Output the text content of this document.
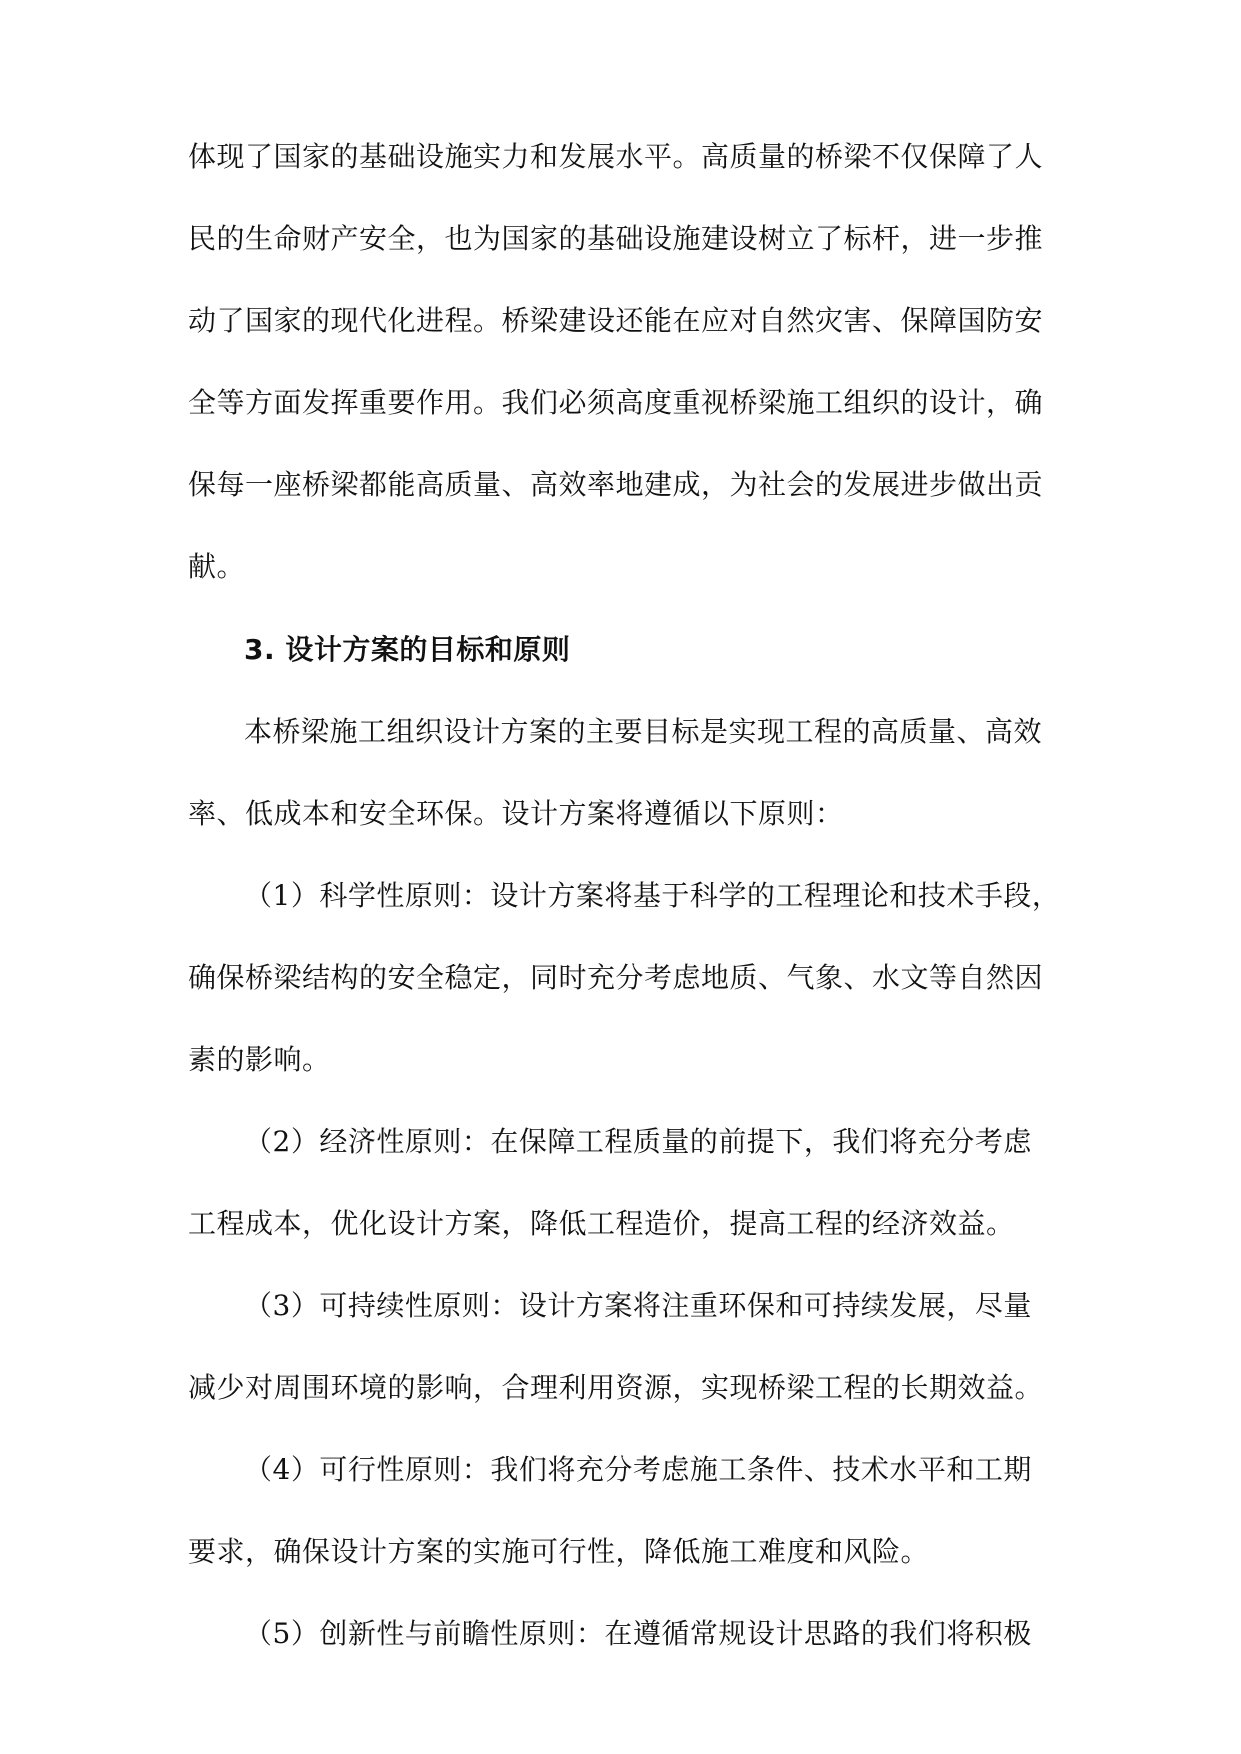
体现了国家的基础设施实力和发展水平。高质量的桥梁不仅保障了人
民的生命财产安全，也为国家的基础设施建设树立了标杆，进一步推
动了国家的现代化进程。桥梁建设还能在应对自然灾害、保障国防安
全等方面发挥重要作用。我们必须高度重视桥梁施工组织的设计，确
保每一座桥梁都能高质量、高效率地建成，为社会的发展进步做出贡
献。
3. 设计方案的目标和原则
本桥梁施工组织设计方案的主要目标是实现工程的高质量、高效
率、低成本和安全环保。设计方案将遵循以下原则：
（1）科学性原则：设计方案将基于科学的工程理论和技术手段，
确保桥梁结构的安全稳定，同时充分考虑地质、气象、水文等自然因
素的影响。
（2）经济性原则：在保障工程质量的前提下，我们将充分考虑
工程成本，优化设计方案，降低工程造价，提高工程的经济效益。
（3）可持续性原则：设计方案将注重环保和可持续发展，尽量
减少对周围环境的影响，合理利用资源，实现桥梁工程的长期效益。
（4）可行性原则：我们将充分考虑施工条件、技术水平和工期
要求，确保设计方案的实施可行性，降低施工难度和风险。
（5）创新性与前瞻性原则：在遵循常规设计思路的我们将积极
